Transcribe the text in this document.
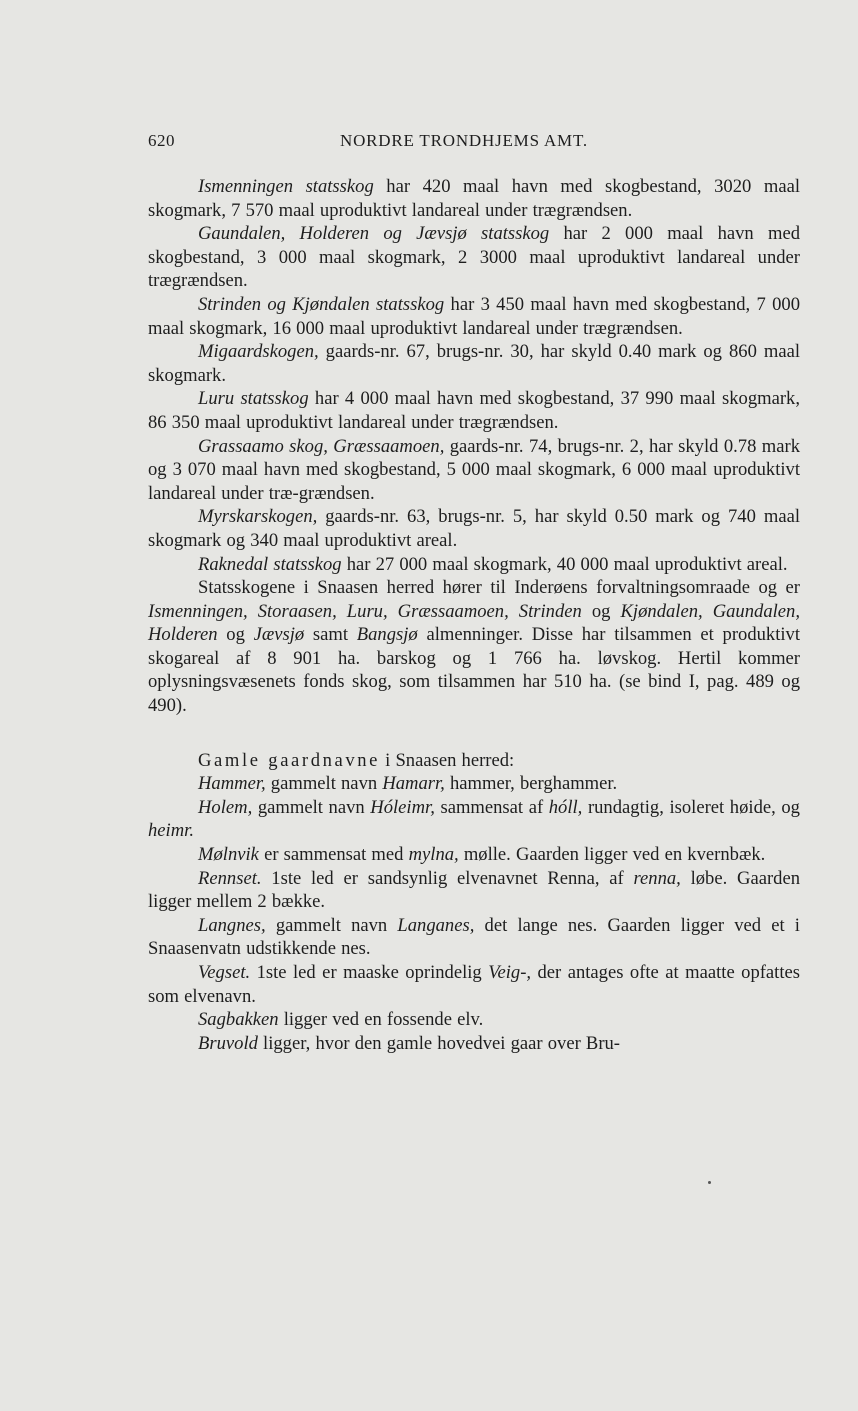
620	NORDRE TRONDHJEMS AMT.

Ismenningen statsskog har 420 maal havn med skogbestand, 3020 maal skogmark, 7 570 maal uproduktivt landareal under trægrændsen.

Gaundalen, Holderen og Jævsjø statsskog har 2 000 maal havn med skogbestand, 3 000 maal skogmark, 2 3000 maal uproduktivt landareal under trægrændsen.

Strinden og Kjøndalen statsskog har 3 450 maal havn med skogbestand, 7 000 maal skogmark, 16 000 maal uproduktivt landareal under trægrændsen.

Migaardskogen, gaards-nr. 67, brugs-nr. 30, har skyld 0.40 mark og 860 maal skogmark.

Luru statsskog har 4 000 maal havn med skogbestand, 37 990 maal skogmark, 86 350 maal uproduktivt landareal under trægrændsen.

Grassaamo skog, Græssaamoen, gaards-nr. 74, brugs-nr. 2, har skyld 0.78 mark og 3 070 maal havn med skogbestand, 5 000 maal skogmark, 6 000 maal uproduktivt landareal under træ-grændsen.

Myrskarskogen, gaards-nr. 63, brugs-nr. 5, har skyld 0.50 mark og 740 maal skogmark og 340 maal uproduktivt areal.

Raknedal statsskog har 27 000 maal skogmark, 40 000 maal uproduktivt areal.

Statsskogene i Snaasen herred hører til Inderøens forvaltningsomraade og er Ismenningen, Storaasen, Luru, Græssaamoen, Strinden og Kjøndalen, Gaundalen, Holderen og Jævsjø samt Bangsjø almenninger. Disse har tilsammen et produktivt skogareal af 8 901 ha. barskog og 1 766 ha. løvskog. Hertil kommer oplysningsvæsenets fonds skog, som tilsammen har 510 ha. (se bind I, pag. 489 og 490).

Gamle gaardnavne i Snaasen herred:

Hammer, gammelt navn Hamarr, hammer, berghammer.

Holem, gammelt navn Hóleimr, sammensat af hóll, rundagtig, isoleret høide, og heimr.

Mølnvik er sammensat med mylna, mølle. Gaarden ligger ved en kvernbæk.

Rennset. 1ste led er sandsynlig elvenavnet Renna, af renna, løbe. Gaarden ligger mellem 2 bække.

Langnes, gammelt navn Langanes, det lange nes. Gaarden ligger ved et i Snaasenvatn udstikkende nes.

Vegset. 1ste led er maaske oprindelig Veig-, der antages ofte at maatte opfattes som elvenavn.

Sagbakken ligger ved en fossende elv.

Bruvold ligger, hvor den gamle hovedvei gaar over Bru-
